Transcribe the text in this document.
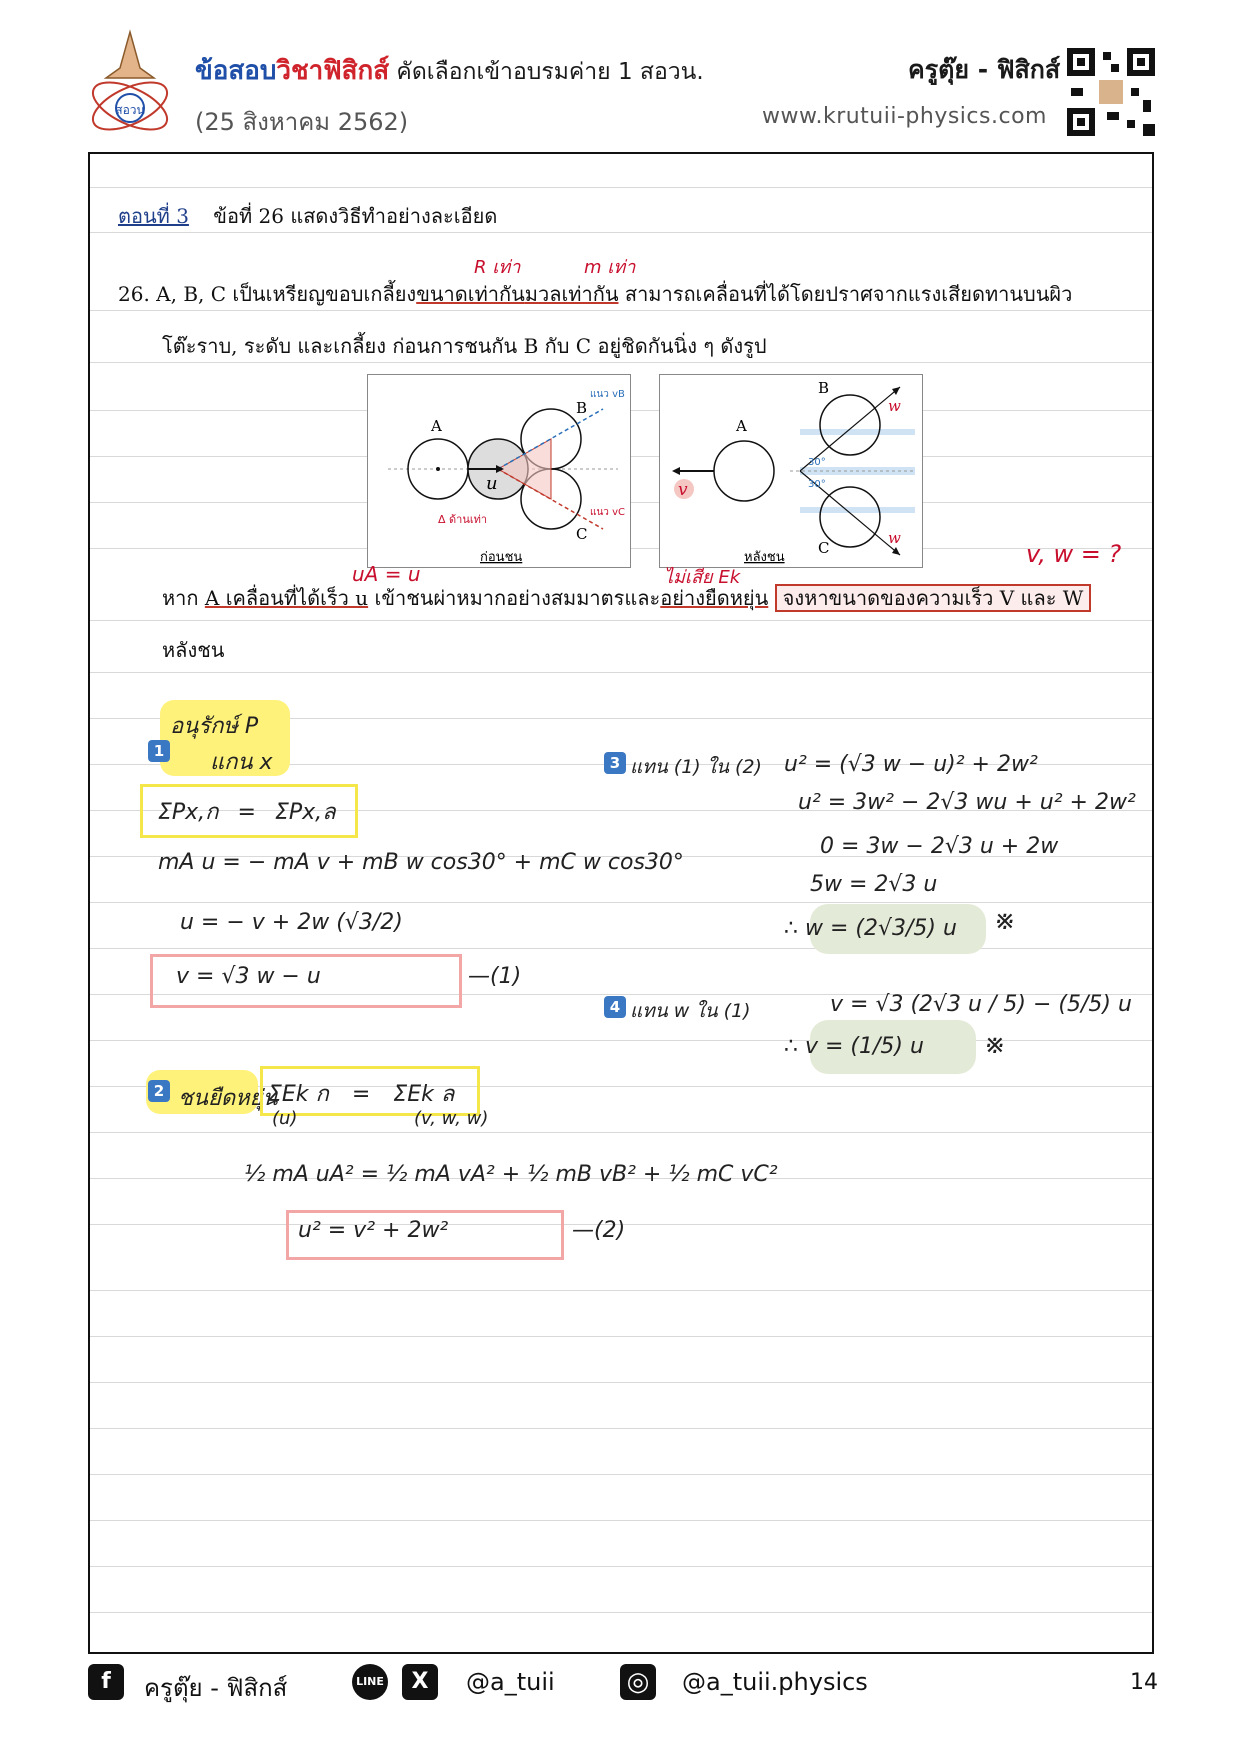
สอวน
ข้อสอบวิชาฟิสิกส์ คัดเลือกเข้าอบรมค่าย 1 สอวน.
(25 สิงหาคม 2562)
ครูตุ๊ย - ฟิสิกส์
www.krutuii-physics.com
ตอนที่ 3 ข้อที่ 26 แสดงวิธีทำอย่างละเอียด
R เท่า	m เท่า
26. A, B, C เป็นเหรียญขอบเกลี้ยงขนาดเท่ากันมวลเท่ากัน สามารถเคลื่อนที่ได้โดยปราศจากแรงเสียดทานบนผิว
โต๊ะราบ, ระดับ และเกลี้ยง ก่อนการชนกัน B กับ C อยู่ชิดกันนิ่ง ๆ ดังรูป
A
B
C
u
Δ ด้านเท่า
แนว vB
แนว vC
ก่อนชน
A
B
C
v
w
w
30°
30°
หลังชน
uA = u	ไม่เสีย Ek
v, w = ?
หาก A เคลื่อนที่ได้เร็ว u เข้าชนผ่าหมากอย่างสมมาตรและอย่างยืดหยุ่น จงหาขนาดของความเร็ว V และ W
หลังชน
อนุรักษ์ P
1 แกน x
ΣPx,ก = ΣPx,ล
mA u = − mA v + mB w cos30° + mC w cos30°
u = − v + 2w (√3/2)
v = √3 w − u	—(1)
2 ชนยืดหยุ่น
ΣEk ก = ΣEk ล
(u)	(v, w, w)
½ mA uA² = ½ mA vA² + ½ mB vB² + ½ mC vC²
u² = v² + 2w²	—(2)
3 แทน (1) ใน (2) u² = (√3 w − u)² + 2w²
u² = 3w² − 2√3 wu + u² + 2w²
0 = 3w − 2√3 u + 2w
5w = 2√3 u
∴ w = (2√3/5) u ※
4 แทน w ใน (1)	v = √3 (2√3 u / 5) − (5/5) u
∴ v = (1/5) u ※
f	ครูตุ๊ย - ฟิสิกส์	LINE	X	@a_tuii	◎ @a_tuii.physics	14
